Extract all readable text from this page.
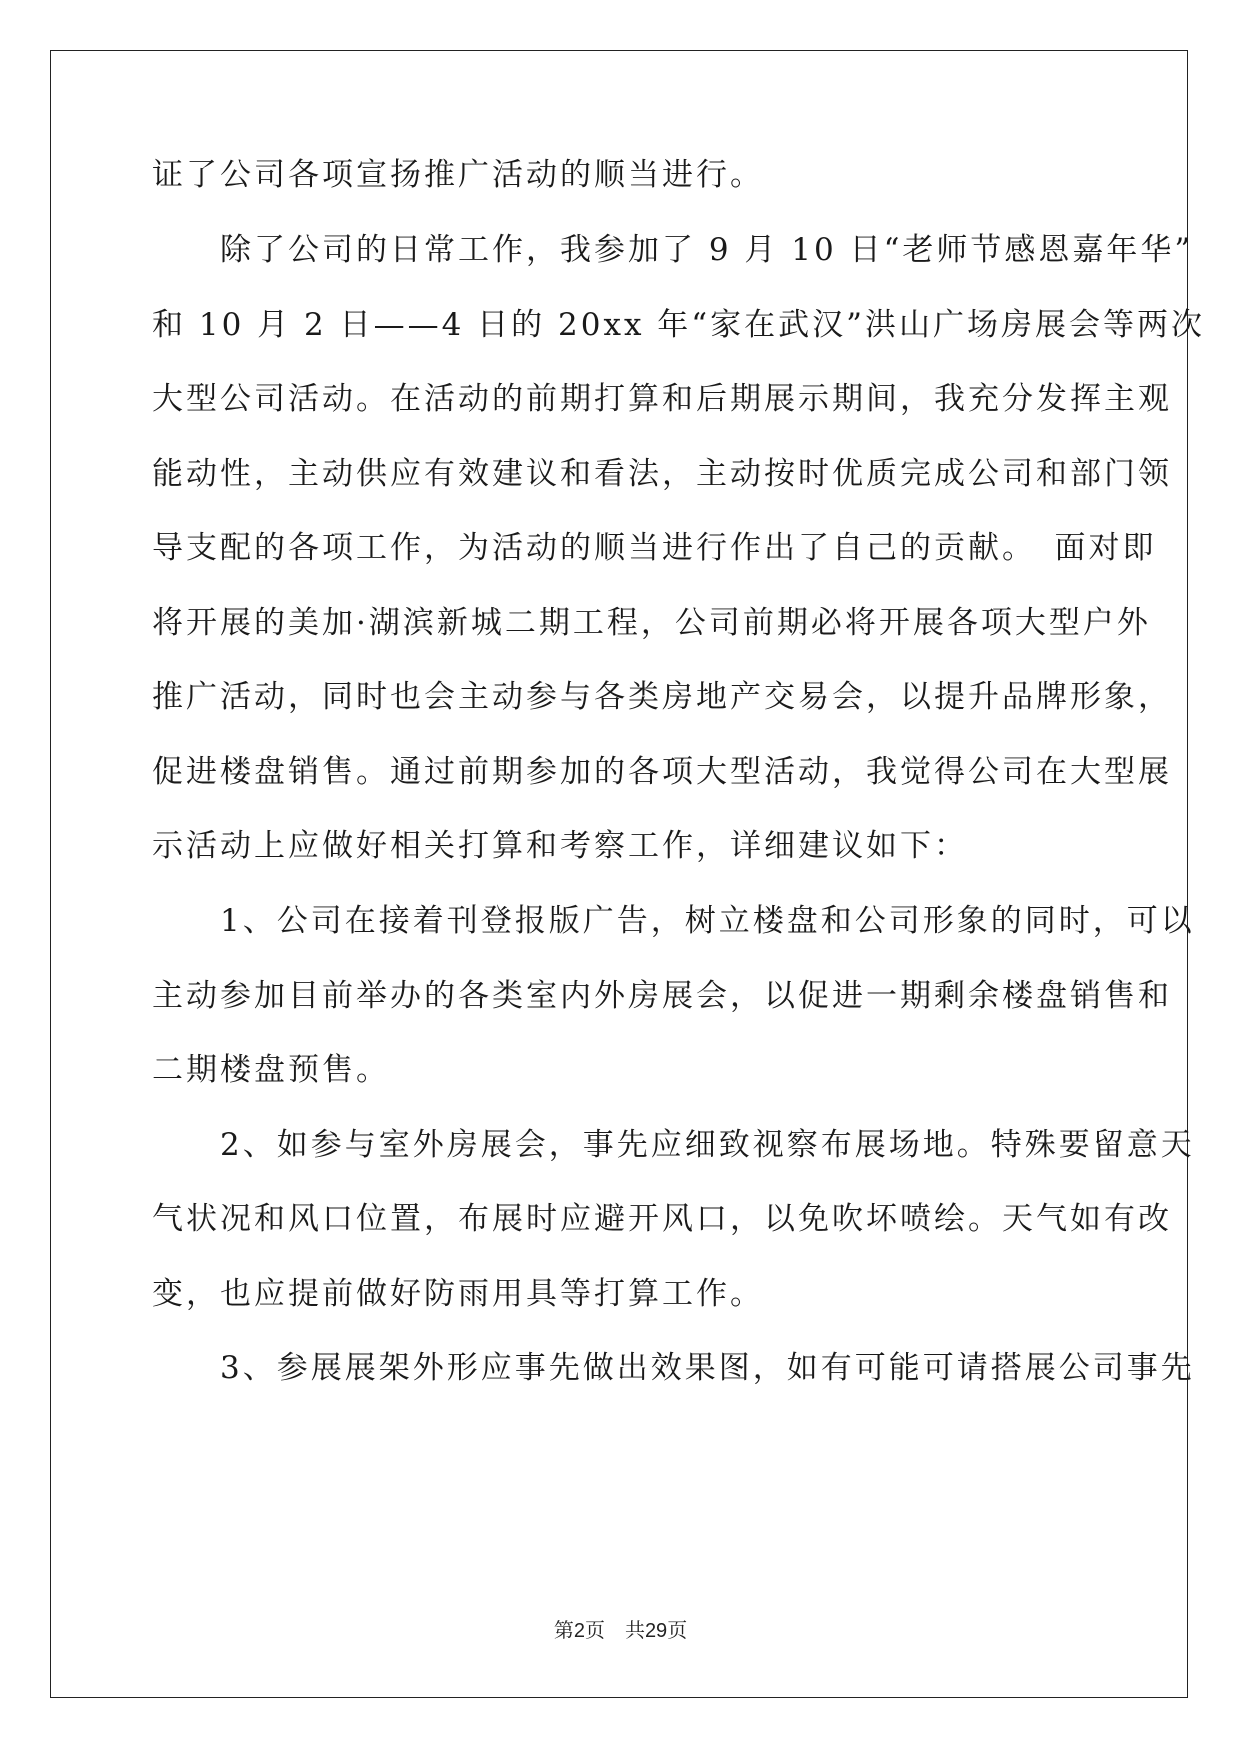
证了公司各项宣扬推广活动的顺当进行。
　　除了公司的日常工作，我参加了 9 月 10 日“老师节感恩嘉年华”
和 10 月 2 日——4 日的 20xx 年“家在武汉”洪山广场房展会等两次
大型公司活动。在活动的前期打算和后期展示期间，我充分发挥主观
能动性，主动供应有效建议和看法，主动按时优质完成公司和部门领
导支配的各项工作，为活动的顺当进行作出了自己的贡献。　面对即
将开展的美加·湖滨新城二期工程，公司前期必将开展各项大型户外
推广活动，同时也会主动参与各类房地产交易会，以提升品牌形象，
促进楼盘销售。通过前期参加的各项大型活动，我觉得公司在大型展
示活动上应做好相关打算和考察工作，详细建议如下：
　　1、公司在接着刊登报版广告，树立楼盘和公司形象的同时，可以
主动参加目前举办的各类室内外房展会，以促进一期剩余楼盘销售和
二期楼盘预售。
　　2、如参与室外房展会，事先应细致视察布展场地。特殊要留意天
气状况和风口位置，布展时应避开风口，以免吹坏喷绘。天气如有改
变，也应提前做好防雨用具等打算工作。
　　3、参展展架外形应事先做出效果图，如有可能可请搭展公司事先
第2页 共29页
